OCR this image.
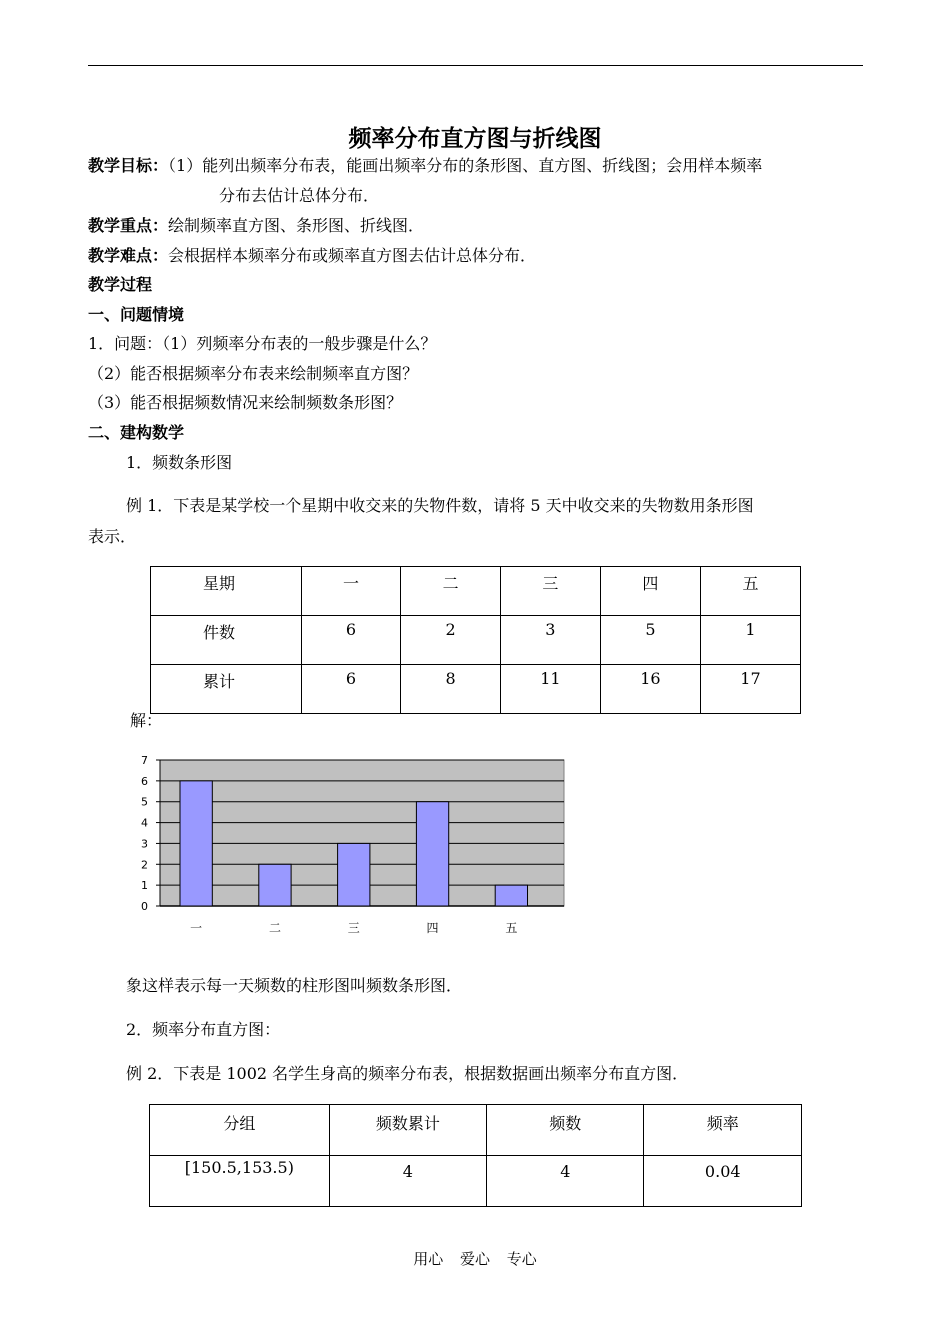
频率分布直方图与折线图
教学目标：（1）能列出频率分布表，能画出频率分布的条形图、直方图、折线图；会用样本频率
分布去估计总体分布．
教学重点：绘制频率直方图、条形图、折线图．
教学难点：会根据样本频率分布或频率直方图去估计总体分布．
教学过程
一、问题情境
1．问题：（1）列频率分布表的一般步骤是什么？
（2）能否根据频率分布表来绘制频率直方图？
（3）能否根据频数情况来绘制频数条形图？
二、建构数学
1．频数条形图
例 1．下表是某学校一个星期中收交来的失物件数，请将 5 天中收交来的失物数用条形图
表示．
星期	一	二	三	四	五
件数	6	2	3	5	1
累计	6	8	11	16	17
解：
0
1
2
3
4
5
6
7
一	二	三	四	五
象这样表示每一天频数的柱形图叫频数条形图．
2．频率分布直方图：
例 2．下表是 1002 名学生身高的频率分布表，根据数据画出频率分布直方图．
分组	频数累计	频数	频率
[150.5,153.5)	4	4	0.04
用心 爱心 专心
